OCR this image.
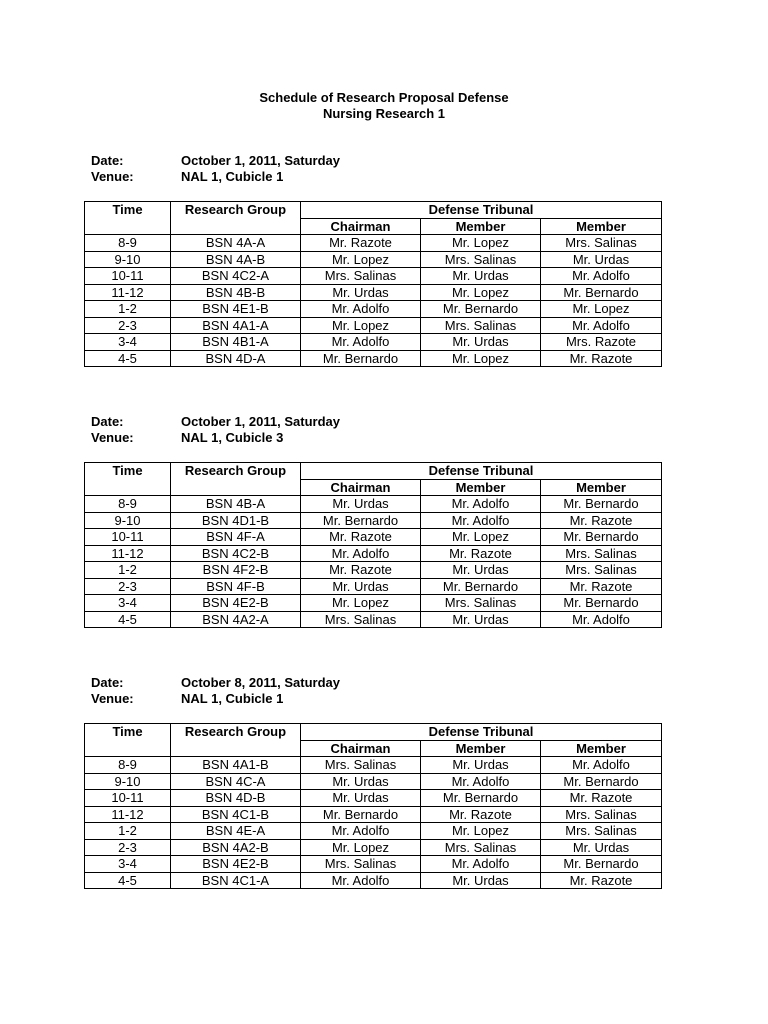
Schedule of Research Proposal Defense
Nursing Research 1
Date:	October 1, 2011, Saturday
Venue:	NAL 1, Cubicle 1
Time	Research Group	Defense Tribunal		
		Chairman	Member	Member
8-9	BSN 4A-A	Mr. Razote	Mr. Lopez	Mrs. Salinas
9-10	BSN 4A-B	Mr. Lopez	Mrs. Salinas	Mr. Urdas
10-11	BSN 4C2-A	Mrs. Salinas	Mr. Urdas	Mr. Adolfo
11-12	BSN 4B-B	Mr. Urdas	Mr. Lopez	Mr. Bernardo
1-2	BSN 4E1-B	Mr. Adolfo	Mr. Bernardo	Mr. Lopez
2-3	BSN 4A1-A	Mr. Lopez	Mrs. Salinas	Mr. Adolfo
3-4	BSN 4B1-A	Mr. Adolfo	Mr. Urdas	Mrs. Razote
4-5	BSN 4D-A	Mr. Bernardo	Mr. Lopez	Mr. Razote
Date:	October 1, 2011, Saturday
Venue:	NAL 1, Cubicle 3
Time	Research Group	Defense Tribunal		
		Chairman	Member	Member
8-9	BSN 4B-A	Mr. Urdas	Mr. Adolfo	Mr. Bernardo
9-10	BSN 4D1-B	Mr. Bernardo	Mr. Adolfo	Mr. Razote
10-11	BSN 4F-A	Mr. Razote	Mr. Lopez	Mr. Bernardo
11-12	BSN 4C2-B	Mr. Adolfo	Mr. Razote	Mrs. Salinas
1-2	BSN 4F2-B	Mr. Razote	Mr. Urdas	Mrs. Salinas
2-3	BSN 4F-B	Mr. Urdas	Mr. Bernardo	Mr. Razote
3-4	BSN 4E2-B	Mr. Lopez	Mrs. Salinas	Mr. Bernardo
4-5	BSN 4A2-A	Mrs. Salinas	Mr. Urdas	Mr. Adolfo
Date:	October 8, 2011, Saturday
Venue:	NAL 1, Cubicle 1
Time	Research Group	Defense Tribunal		
		Chairman	Member	Member
8-9	BSN 4A1-B	Mrs. Salinas	Mr. Urdas	Mr. Adolfo
9-10	BSN 4C-A	Mr. Urdas	Mr. Adolfo	Mr. Bernardo
10-11	BSN 4D-B	Mr. Urdas	Mr. Bernardo	Mr. Razote
11-12	BSN 4C1-B	Mr. Bernardo	Mr. Razote	Mrs. Salinas
1-2	BSN 4E-A	Mr. Adolfo	Mr. Lopez	Mrs. Salinas
2-3	BSN 4A2-B	Mr. Lopez	Mrs. Salinas	Mr. Urdas
3-4	BSN 4E2-B	Mrs. Salinas	Mr. Adolfo	Mr. Bernardo
4-5	BSN 4C1-A	Mr. Adolfo	Mr. Urdas	Mr. Razote
